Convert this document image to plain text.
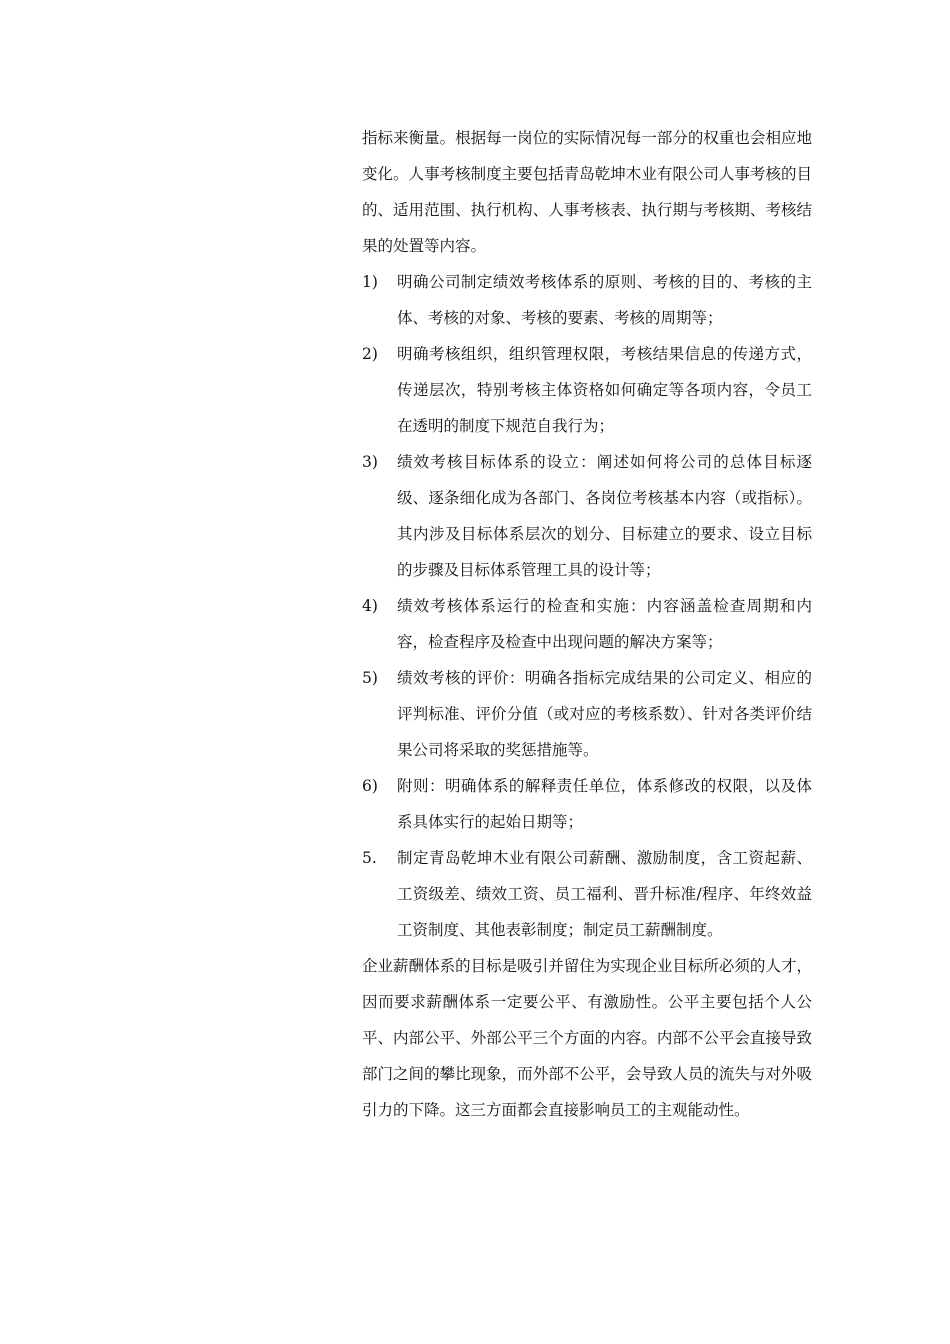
指标来衡量。根据每一岗位的实际情况每一部分的权重也会相应地变化。人事考核制度主要包括青岛乾坤木业有限公司人事考核的目的、适用范围、执行机构、人事考核表、执行期与考核期、考核结果的处置等内容。

1) 明确公司制定绩效考核体系的原则、考核的目的、考核的主体、考核的对象、考核的要素、考核的周期等；
2) 明确考核组织，组织管理权限，考核结果信息的传递方式，传递层次，特别考核主体资格如何确定等各项内容，令员工在透明的制度下规范自我行为；
3) 绩效考核目标体系的设立：阐述如何将公司的总体目标逐级、逐条细化成为各部门、各岗位考核基本内容（或指标）。其内涉及目标体系层次的划分、目标建立的要求、设立目标的步骤及目标体系管理工具的设计等；
4) 绩效考核体系运行的检查和实施：内容涵盖检查周期和内容，检查程序及检查中出现问题的解决方案等；
5) 绩效考核的评价：明确各指标完成结果的公司定义、相应的评判标准、评价分值（或对应的考核系数）、针对各类评价结果公司将采取的奖惩措施等。
6) 附则：明确体系的解释责任单位，体系修改的权限，以及体系具体实行的起始日期等；
5. 制定青岛乾坤木业有限公司薪酬、激励制度，含工资起薪、工资级差、绩效工资、员工福利、晋升标准/程序、年终效益工资制度、其他表彰制度；制定员工薪酬制度。

企业薪酬体系的目标是吸引并留住为实现企业目标所必须的人才，因而要求薪酬体系一定要公平、有激励性。公平主要包括个人公平、内部公平、外部公平三个方面的内容。内部不公平会直接导致部门之间的攀比现象，而外部不公平，会导致人员的流失与对外吸引力的下降。这三方面都会直接影响员工的主观能动性。
